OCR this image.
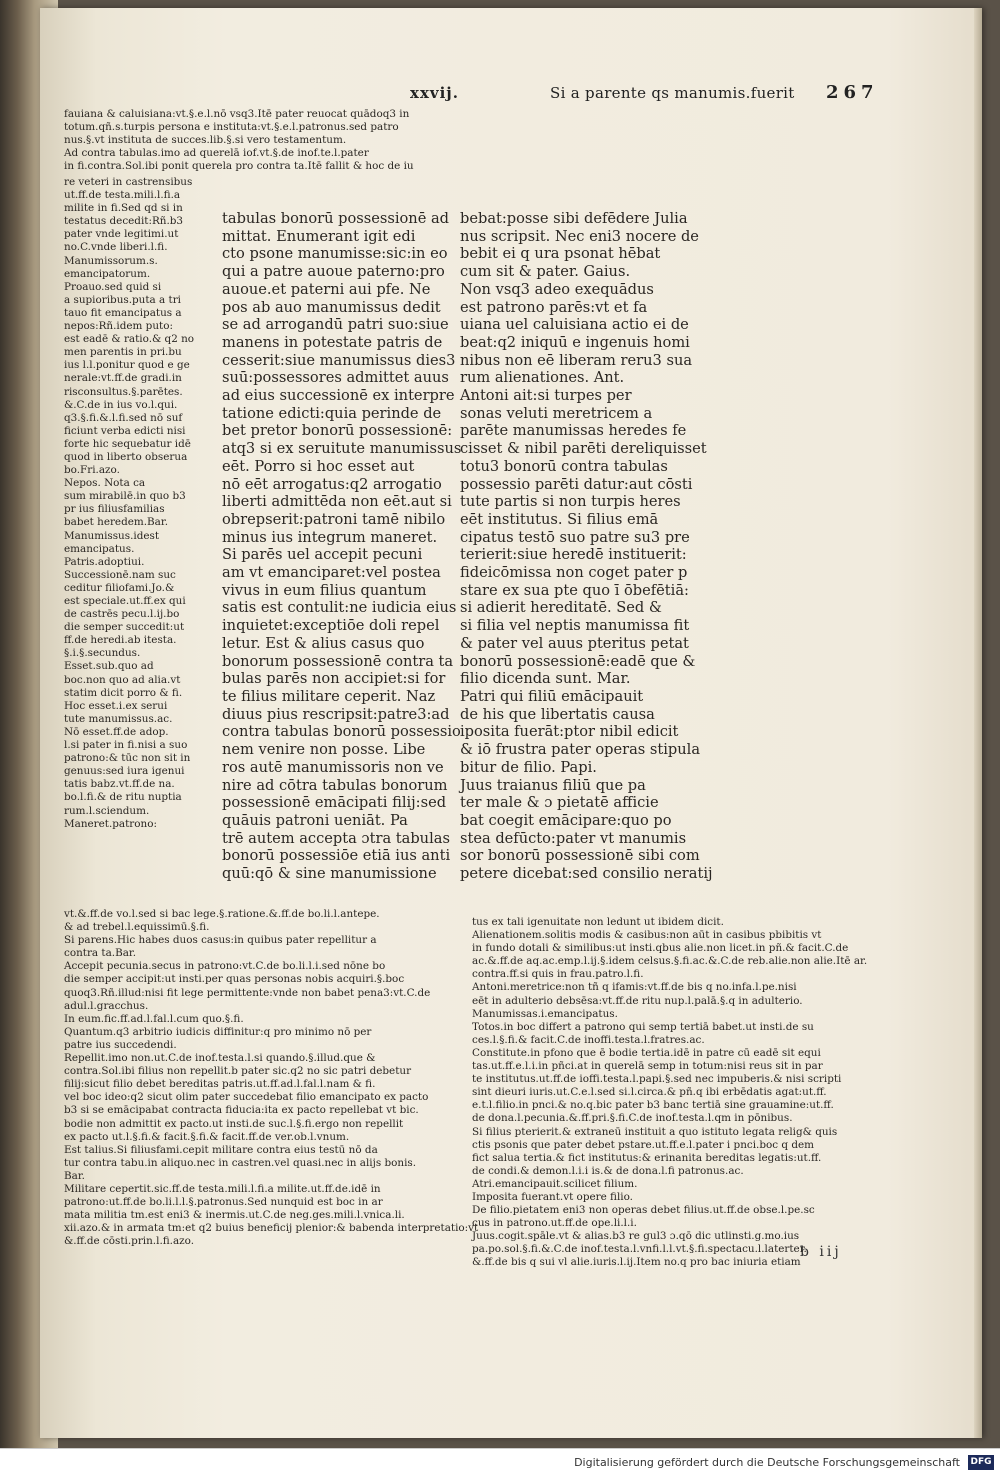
xxvij.	Si a parente qs manumis.fuerit 267
fauiana & caluisiana:vt.§.e.l.nō vsq3.Itē pater reuocat quādoq3 in
totum.qñ.s.turpis persona e instituta:vt.§.e.l.patronus.sed patro
nus.§.vt instituta de succes.lib.§.si vero testamentum.
Ad contra tabulas.imo ad querelā iof.vt.§.de inof.te.l.pater
in fi.contra.Sol.ibi ponit querela pro contra ta.Itē fallit & hoc de iu
re veteri in castrensibus
ut.ff.de testa.mili.l.fi.a
milite in fi.Sed qd si in
testatus decedit:Rñ.b3
pater vnde legitimi.ut
no.C.vnde liberi.l.fi.
Manumissorum.s.
emancipatorum.
Proauo.sed quid si
a supioribus.puta a tri
tauo fit emancipatus a
nepos:Rñ.idem puto:
est eadē & ratio.& q2 no
men parentis in pri.bu
ius l.l.ponitur quod e ge
nerale:vt.ff.de gradi.in
risconsultus.§.parētes.
&.C.de in ius vo.l.qui.
q3.§.fi.&.l.fi.sed nō suf
ficiunt verba edicti nisi
forte hic sequebatur idē
quod in liberto obserua
bo.Fri.azo.
Nepos. Nota ca
sum mirabilē.in quo b3
pr ius filiusfamilias
babet heredem.Bar.
Manumissus.idest
emancipatus.
Patris.adoptiui.
Successionē.nam suc
ceditur filiofami.Jo.&
est speciale.ut.ff.ex qui
de castrēs pecu.l.ij.bo
die semper succedit:ut
ff.de heredi.ab itesta.
§.i.§.secundus.
Esset.sub.quo ad
boc.non quo ad alia.vt
statim dicit porro & fi.
Hoc esset.i.ex serui
tute manumissus.ac.
Nō esset.ff.de adop.
l.si pater in fi.nisi a suo
patrono:& tūc non sit in
genuus:sed iura igenui
tatis babz.vt.ff.de na.
bo.l.fi.& de ritu nuptia
rum.l.sciendum.
Maneret.patrono:
tabulas bonorū possessionē ad
mittat. Enumerant igit edi
cto psone manumisse:sic:in eo
qui a patre auoue paterno:pro
auoue.et paterni aui pfe. Ne
pos ab auo manumissus dedit
se ad arrogandū patri suo:siue
manens in potestate patris de
cesserit:siue manumissus dies3
suū:possessores admittet auus
ad eius successionē ex interpre
tatione edicti:quia perinde de
bet pretor bonorū possessionē:
atq3 si ex seruitute manumissus
eēt. Porro si hoc esset aut
nō eēt arrogatus:q2 arrogatio
liberti admittēda non eēt.aut si
obrepserit:patroni tamē nibilo
minus ius integrum maneret.
Si parēs uel accepit pecuni
am vt emanciparet:vel postea
vivus in eum filius quantum
satis est contulit:ne iudicia eius
inquietet:exceptiōe doli repel
letur. Est & alius casus quo
bonorum possessionē contra ta
bulas parēs non accipiet:si for
te filius militare ceperit. Naz
diuus pius rescripsit:patre3:ad
contra tabulas bonorū possessio
nem venire non posse. Libe
ros autē manumissoris non ve
nire ad cōtra tabulas bonorum
possessionē emācipati filij:sed
quāuis patroni ueniāt. Pa
trē autem accepta ɔtra tabulas
bonorū possessiōe etiā ius anti
quū:qō & sine manumissione
bebat:posse sibi defēdere Julia
nus scripsit. Nec eni3 nocere de
bebit ei q ura psonat hēbat
cum sit & pater. Gaius.
Non vsq3 adeo exequādus
est patrono parēs:vt et fa
uiana uel caluisiana actio ei de
beat:q2 iniquū e ingenuis homi
nibus non eē liberam reru3 sua
rum alienationes. Ant.
Antoni ait:si turpes per
sonas veluti meretricem a
parēte manumissas heredes fe
cisset & nibil parēti dereliquisset
totu3 bonorū contra tabulas
possessio parēti datur:aut cōsti
tute partis si non turpis heres
eēt institutus. Si filius emā
cipatus testō suo patre su3 pre
terierit:siue heredē instituerit:
fideicōmissa non coget pater p
stare ex sua pte quo ī ōbefētiā:
si adierit hereditatē. Sed &
si filia vel neptis manumissa fit
& pater vel auus pteritus petat
bonorū possessionē:eadē que &
filio dicenda sunt. Mar.
Patri qui filiū emācipauit
de his que libertatis causa
iposita fuerāt:ptor nibil edicit
& iō frustra pater operas stipula
bitur de filio. Papi.
Juus traianus filiū que pa
ter male & ɔ pietatē afficie
bat coegit emācipare:quo po
stea defūcto:pater vt manumis
sor bonorū possessionē sibi com
petere dicebat:sed consilio neratij
vt.&.ff.de vo.l.sed si bac lege.§.ratione.&.ff.de bo.li.l.antepe.
& ad trebel.l.equissimū.§.fi.
Si parens.Hic habes duos casus:in quibus pater repellitur a
contra ta.Bar.
Accepit pecunia.secus in patrono:vt.C.de bo.li.l.i.sed nōne bo
die semper accipit:ut insti.per quas personas nobis acquiri.§.boc
quoq3.Rñ.illud:nisi fit lege permittente:vnde non babet pena3:vt.C.de
adul.l.gracchus.
In eum.fic.ff.ad.l.fal.l.cum quo.§.fi.
Quantum.q3 arbitrio iudicis diffinitur:q pro minimo nō per
patre ius succedendi.
Repellit.imo non.ut.C.de inof.testa.l.si quando.§.illud.que &
contra.Sol.ibi filius non repellit.b pater sic.q2 no sic patri debetur
filij:sicut filio debet bereditas patris.ut.ff.ad.l.fal.l.nam & fi.
vel boc ideo:q2 sicut olim pater succedebat filio emancipato ex pacto
b3 si se emācipabat contracta fiducia:ita ex pacto repellebat vt bic.
bodie non admittit ex pacto.ut insti.de suc.l.§.fi.ergo non repellit
ex pacto ut.l.§.fi.& facit.§.fi.& facit.ff.de ver.ob.l.vnum.
Est talius.Si filiusfami.cepit militare contra eius testū nō da
tur contra tabu.in aliquo.nec in castren.vel quasi.nec in alijs bonis.
Bar.
Militare cepertit.sic.ff.de testa.mili.l.fi.a milite.ut.ff.de.idē in
patrono:ut.ff.de bo.li.l.l.§.patronus.Sed nunquid est boc in ar
mata militia tm.est eni3 & inermis.ut.C.de neg.ges.mili.l.vnica.li.
xii.azo.& in armata tm:et q2 buius beneficij plenior:& babenda interpretatio:vt
&.ff.de cōsti.prin.l.fi.azo.
tus ex tali igenuitate non ledunt ut ibidem dicit.
Alienationem.solitis modis & casibus:non aūt in casibus pbibitis vt
in fundo dotali & similibus:ut insti.qbus alie.non licet.in pñ.& facit.C.de
ac.&.ff.de aq.ac.emp.l.ij.§.idem celsus.§.fi.ac.&.C.de reb.alie.non alie.Itē ar.
contra.ff.si quis in frau.patro.l.fi.
Antoni.meretrice:non tñ q ifamis:vt.ff.de bis q no.infa.l.pe.nisi
eēt in adulterio debsēsa:vt.ff.de ritu nup.l.palā.§.q in adulterio.
Manumissas.i.emancipatus.
Totos.in boc differt a patrono qui semp tertiā babet.ut insti.de su
ces.l.§.fi.& facit.C.de inoffi.testa.l.fratres.ac.
Constitute.in pfono que ē bodie tertia.idē in patre cū eadē sit equi
tas.ut.ff.e.l.i.in pñci.at in querelā semp in totum:nisi reus sit in par
te institutus.ut.ff.de ioffi.testa.l.papi.§.sed nec impuberis.& nisi scripti
sint dieuri iuris.ut.C.e.l.sed si.l.circa.& pñ.q ibi erbēdatis agat:ut.ff.
e.t.l.filio.in pnci.& no.q.bic pater b3 banc tertiā sine grauamine:ut.ff.
de dona.l.pecunia.&.ff.pri.§.fi.C.de inof.testa.l.qm in pōnibus.
Si filius pterierit.& extraneū instituit a quo istituto legata relig& quis
ctis psonis que pater debet pstare.ut.ff.e.l.pater i pnci.boc q dem
fict salua tertia.& fict institutus:& erinanita bereditas legatis:ut.ff.
de condi.& demon.l.i.i is.& de dona.l.fi patronus.ac.
Atri.emancipauit.scilicet filium.
Imposita fuerant.vt opere filio.
De filio.pietatem eni3 non operas debet filius.ut.ff.de obse.l.pe.sc
cus in patrono.ut.ff.de ope.li.l.i.
Juus.cogit.spāle.vt & alias.b3 re gul3 ɔ.qō dic utlinsti.g.mo.ius
pa.po.sol.§.fi.&.C.de inof.testa.l.vnfi.l.l.vt.§.fi.spectacu.l.laterter.
&.ff.de bis q sui vl alie.iuris.l.ij.Item no.q pro bac iniuria etiam
b iij
Digitalisierung gefördert durch die Deutsche Forschungsgemeinschaft DFG
